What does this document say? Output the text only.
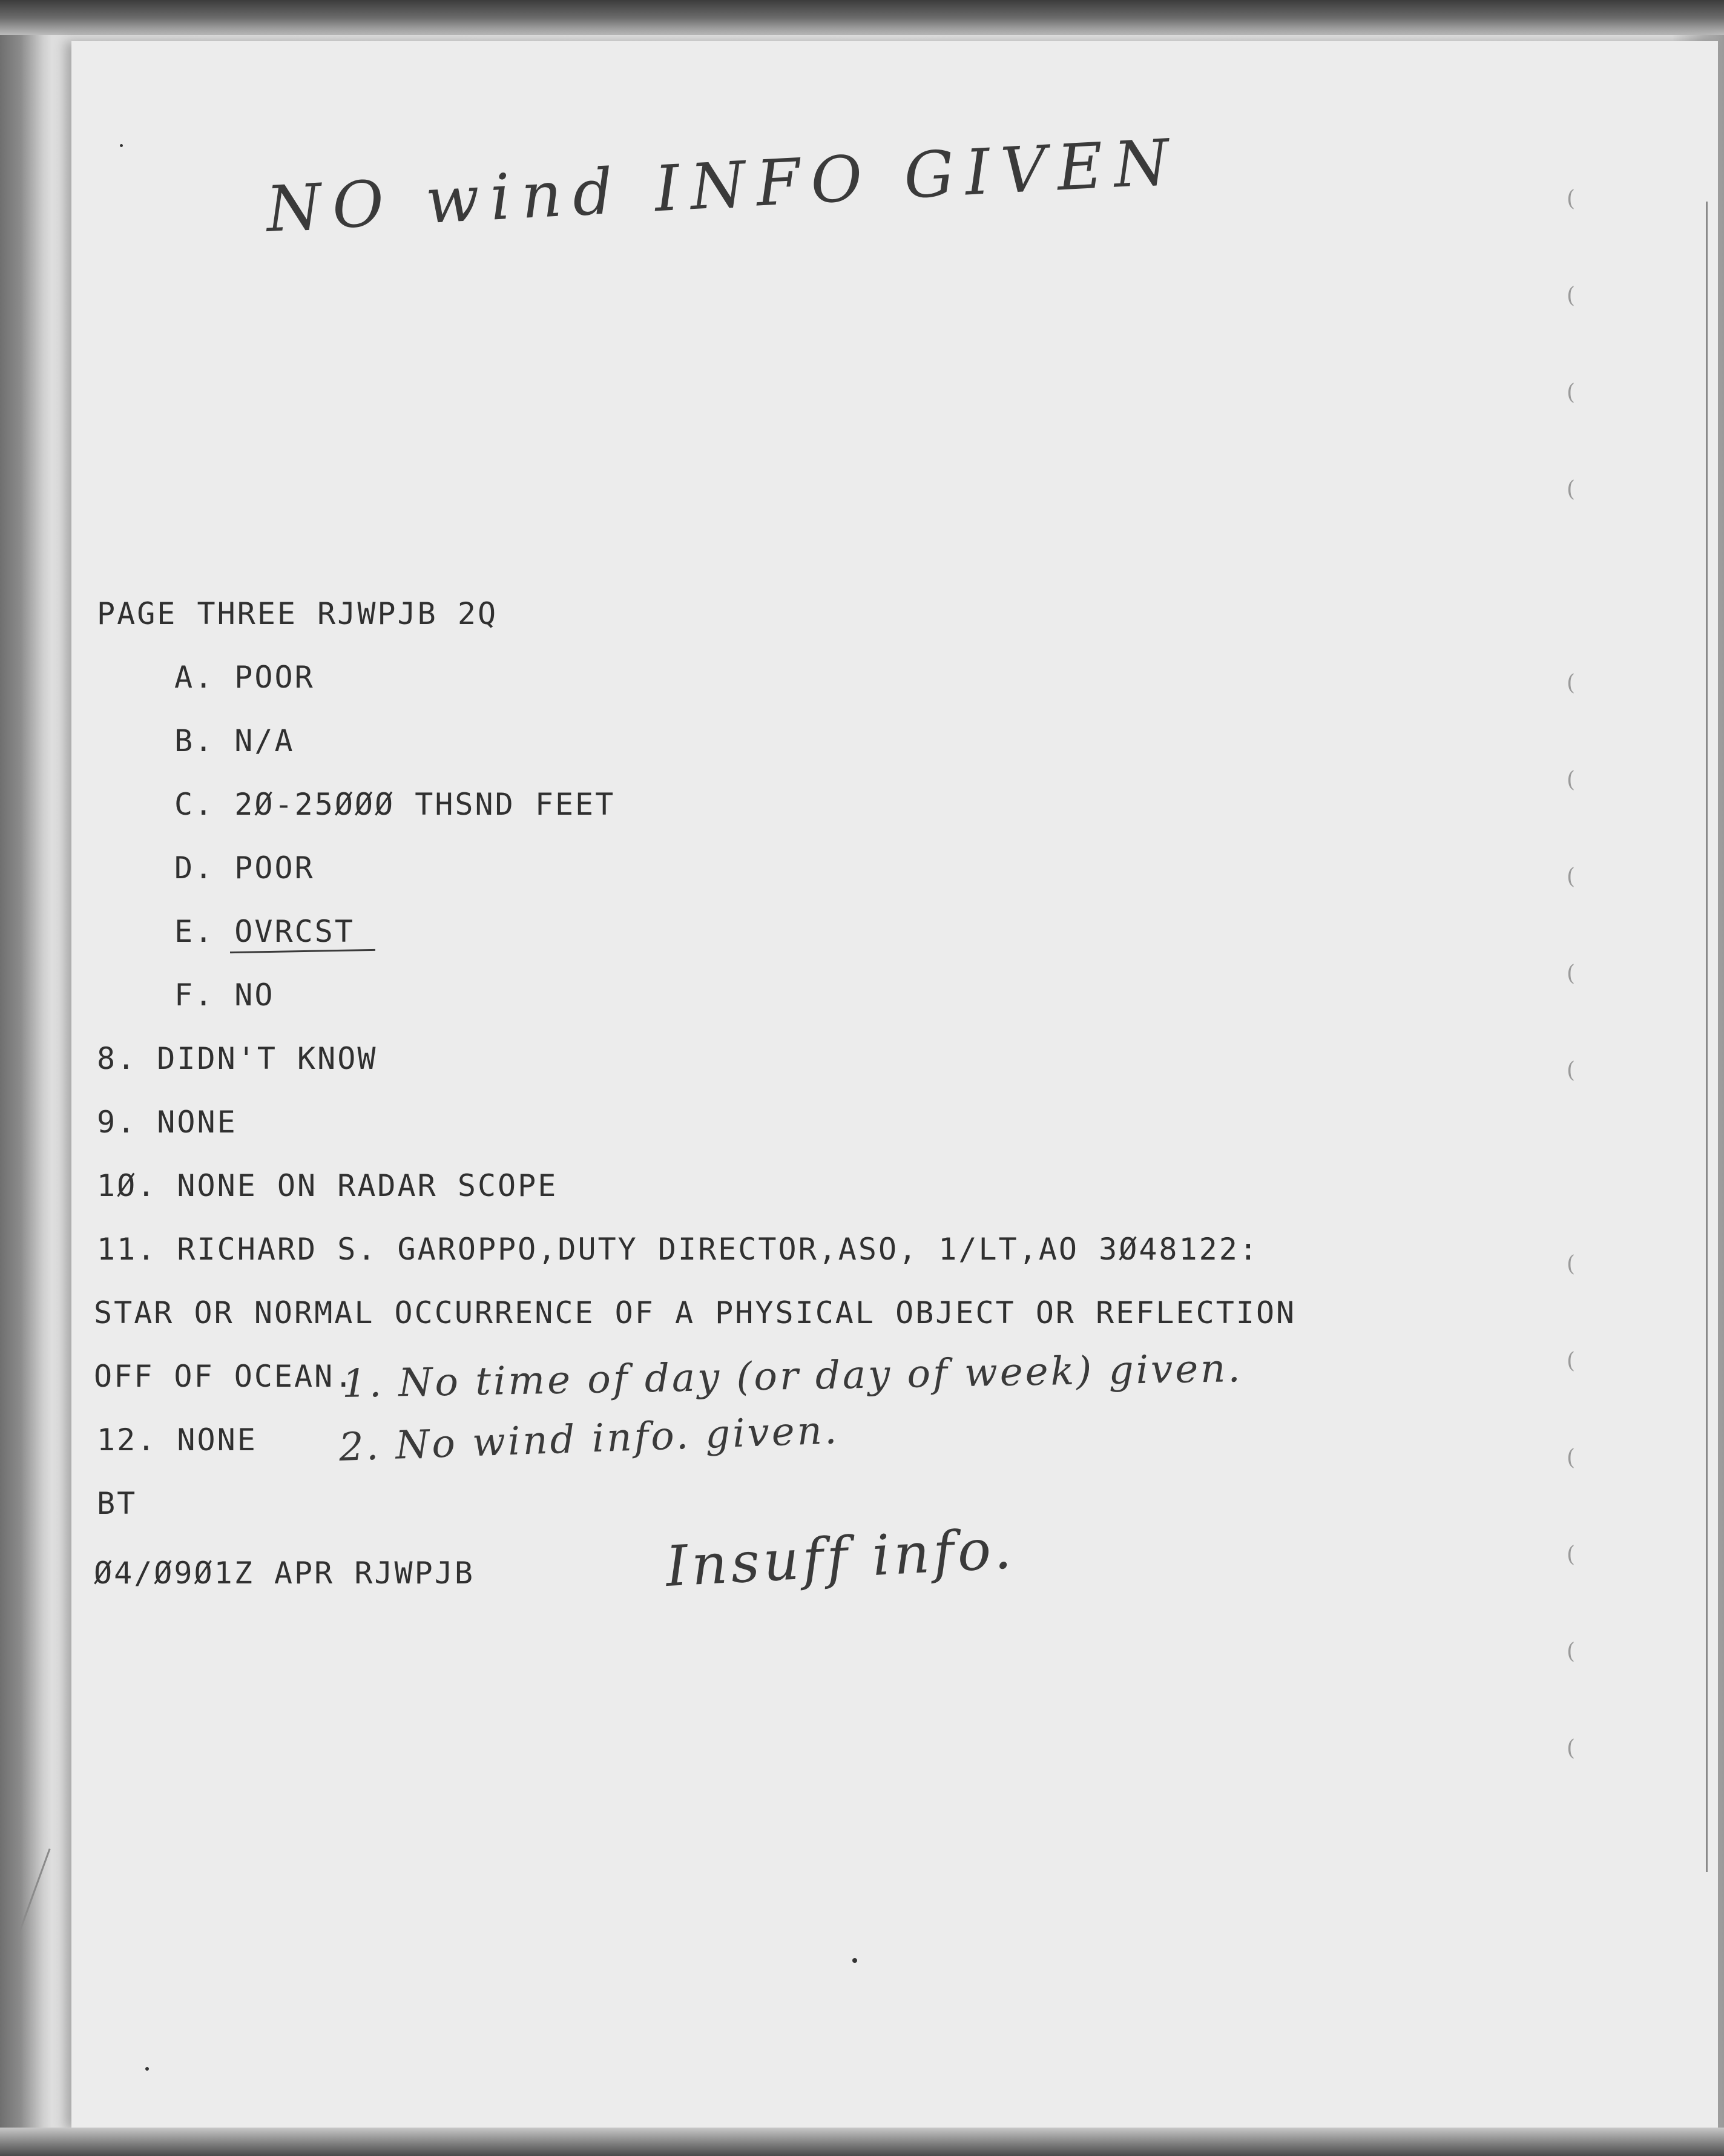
(
(
(
(
(
(
(
(
(
(
(
(
(
(
(
NO wind INFO GIVEN
PAGE THREE RJWPJB 2Q
A. POOR
B. N/A
C. 2Ø-25ØØØ THSND FEET
D. POOR
E. OVRCST
F. NO
8. DIDN'T KNOW
9. NONE
1Ø. NONE ON RADAR SCOPE
11. RICHARD S. GAROPPO,DUTY DIRECTOR,ASO, 1/LT,AO 3Ø48122:
STAR OR NORMAL OCCURRENCE OF A PHYSICAL OBJECT OR REFLECTION
OFF OF OCEAN.
12. NONE
BT
Ø4/Ø9Ø1Z APR RJWPJB
1. No time of day (or day of week) given.
2. No wind info. given.
Insuff info.
